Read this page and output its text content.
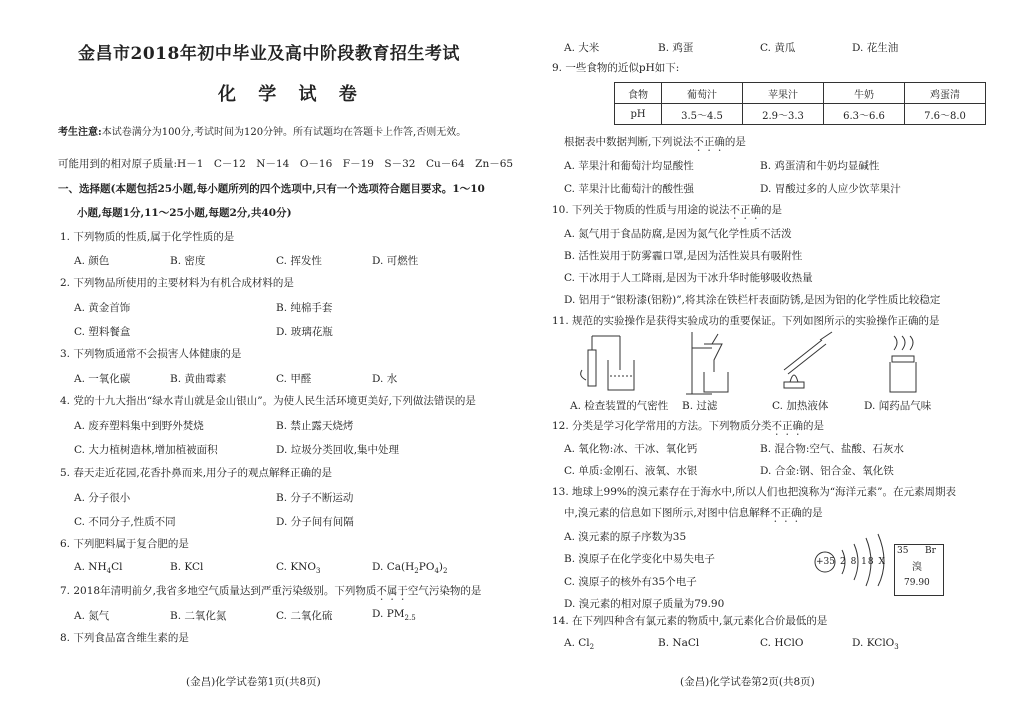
金昌市2018年初中毕业及高中阶段教育招生考试
化 学 试 卷
考生注意:本试卷满分为100分,考试时间为120分钟。所有试题均在答题卡上作答,否则无效。
可能用到的相对原子质量:H－1　C－12　N－14　O－16　F－19　S－32　Cu－64　Zn－65
一、选择题(本题包括25小题,每小题所列的四个选项中,只有一个选项符合题目要求。1～10
小题,每题1分,11～25小题,每题2分,共40分)
1. 下列物质的性质,属于化学性质的是
A. 颜色	B. 密度	C. 挥发性	D. 可燃性
2. 下列物品所使用的主要材料为有机合成材料的是
A. 黄金首饰	B. 纯棉手套
C. 塑料餐盒	D. 玻璃花瓶
3. 下列物质通常不会损害人体健康的是
A. 一氧化碳	B. 黄曲霉素	C. 甲醛	D. 水
4. 党的十九大指出“绿水青山就是金山银山”。为使人民生活环境更美好,下列做法错误的是
A. 废弃塑料集中到野外焚烧	B. 禁止露天烧烤
C. 大力植树造林,增加植被面积	D. 垃圾分类回收,集中处理
5. 春天走近花园,花香扑鼻而来,用分子的观点解释正确的是
A. 分子很小	B. 分子不断运动
C. 不同分子,性质不同	D. 分子间有间隔
6. 下列肥料属于复合肥的是
A. $NH_4Cl$	B. KCl	C. $KNO_3$	D. $Ca(H_2PO_4)_2$
7. 2018年清明前夕,我省多地空气质量达到严重污染级别。下列物质不属于空气污染物的是
A. 氮气	B. 二氧化氮	C. 二氧化硫	D. $PM_{2.5}$
8. 下列食品富含维生素的是
(金昌)化学试卷第1页(共8页)
A. 大米	B. 鸡蛋	C. 黄瓜	D. 花生油
9. 一些食物的近似pH如下:
食物	葡萄汁	苹果汁	牛奶	鸡蛋清
pH	3.5～4.5	2.9～3.3	6.3～6.6	7.6～8.0
根据表中数据判断,下列说法不正确的是
A. 苹果汁和葡萄汁均显酸性	B. 鸡蛋清和牛奶均显碱性
C. 苹果汁比葡萄汁的酸性强	D. 胃酸过多的人应少饮苹果汁
10. 下列关于物质的性质与用途的说法不正确的是
A. 氮气用于食品防腐,是因为氮气化学性质不活泼
B. 活性炭用于防雾霾口罩,是因为活性炭具有吸附性
C. 干冰用于人工降雨,是因为干冰升华时能够吸收热量
D. 铝用于“银粉漆(铝粉)”,将其涂在铁栏杆表面防锈,是因为铝的化学性质比较稳定
11. 规范的实验操作是获得实验成功的重要保证。下列如图所示的实验操作正确的是
A. 检查装置的气密性 B. 过滤	C. 加热液体	D. 闻药品气味
12. 分类是学习化学常用的方法。下列物质分类不正确的是
A. 氧化物:冰、干冰、氧化钙	B. 混合物:空气、盐酸、石灰水
C. 单质:金刚石、液氧、水银	D. 合金:钢、铝合金、氧化铁
13. 地球上99%的溴元素存在于海水中,所以人们也把溴称为“海洋元素”。在元素周期表
中,溴元素的信息如下图所示,对图中信息解释不正确的是
A. 溴元素的原子序数为35
B. 溴原子在化学变化中易失电子
C. 溴原子的核外有35个电子
D. 溴元素的相对原子质量为79.90
+35 2 8 18 X
35 Br
溴
79.90
14. 在下列四种含有氯元素的物质中,氯元素化合价最低的是
A. $Cl_2$	B. NaCl	C. HClO	D. KClO$_3$
(金昌)化学试卷第2页(共8页)
